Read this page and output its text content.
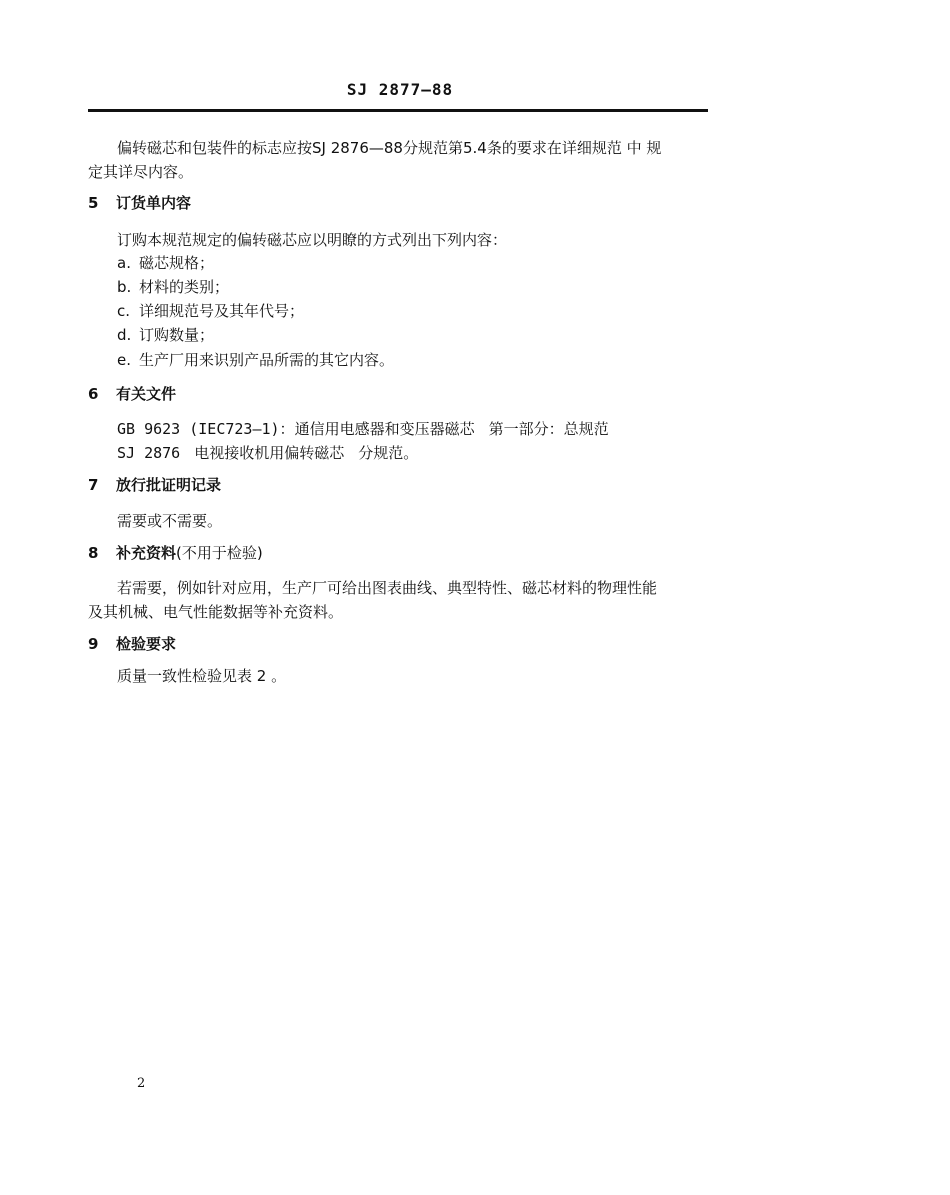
SJ 2877—88
偏转磁芯和包装件的标志应按SJ 2876—88分规范第5.4条的要求在详细规范 中 规
定其详尽内容。
5 订货单内容
订购本规范规定的偏转磁芯应以明瞭的方式列出下列内容：
a. 磁芯规格；
b. 材料的类别；
c. 详细规范号及其年代号；
d. 订购数量；
e. 生产厂用来识别产品所需的其它内容。
6 有关文件
GB 9623 (IEC723—1)：通信用电感器和变压器磁芯 第一部分：总规范
SJ 2876 电视接收机用偏转磁芯 分规范。
7 放行批证明记录
需要或不需要。
8 补充资料(不用于检验)
若需要，例如针对应用，生产厂可给出图表曲线、典型特性、磁芯材料的物理性能
及其机械、电气性能数据等补充资料。
9 检验要求
质量一致性检验见表 2 。
2
